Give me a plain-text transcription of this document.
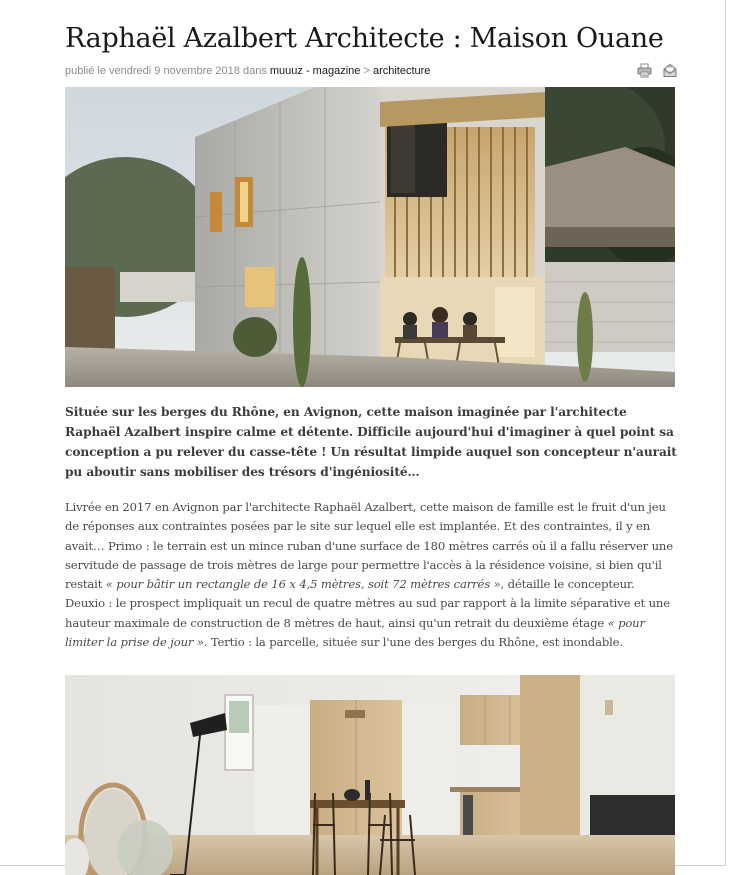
Raphaël Azalbert Architecte : Maison Ouane
publié le vendredi 9 novembre 2018 dans muuuz - magazine > architecture

Située sur les berges du Rhône, en Avignon, cette maison imaginée par l'architecte Raphaël Azalbert inspire calme et détente. Difficile aujourd'hui d'imaginer à quel point sa conception a pu relever du casse-tête ! Un résultat limpide auquel son concepteur n'aurait pu aboutir sans mobiliser des trésors d'ingéniosité…

Livrée en 2017 en Avignon par l'architecte Raphaël Azalbert, cette maison de famille est le fruit d'un jeu de réponses aux contraintes posées par le site sur lequel elle est implantée. Et des contraintes, il y en avait… Primo : le terrain est un mince ruban d'une surface de 180 mètres carrés où il a fallu réserver une servitude de passage de trois mètres de large pour permettre l'accès à la résidence voisine, si bien qu'il restait « pour bâtir un rectangle de 16 x 4,5 mètres, soit 72 mètres carrés », détaille le concepteur. Deuxio : le prospect impliquait un recul de quatre mètres au sud par rapport à la limite séparative et une hauteur maximale de construction de 8 mètres de haut, ainsi qu'un retrait du deuxième étage « pour limiter la prise de jour ». Tertio : la parcelle, située sur l'une des berges du Rhône, est inondable.
